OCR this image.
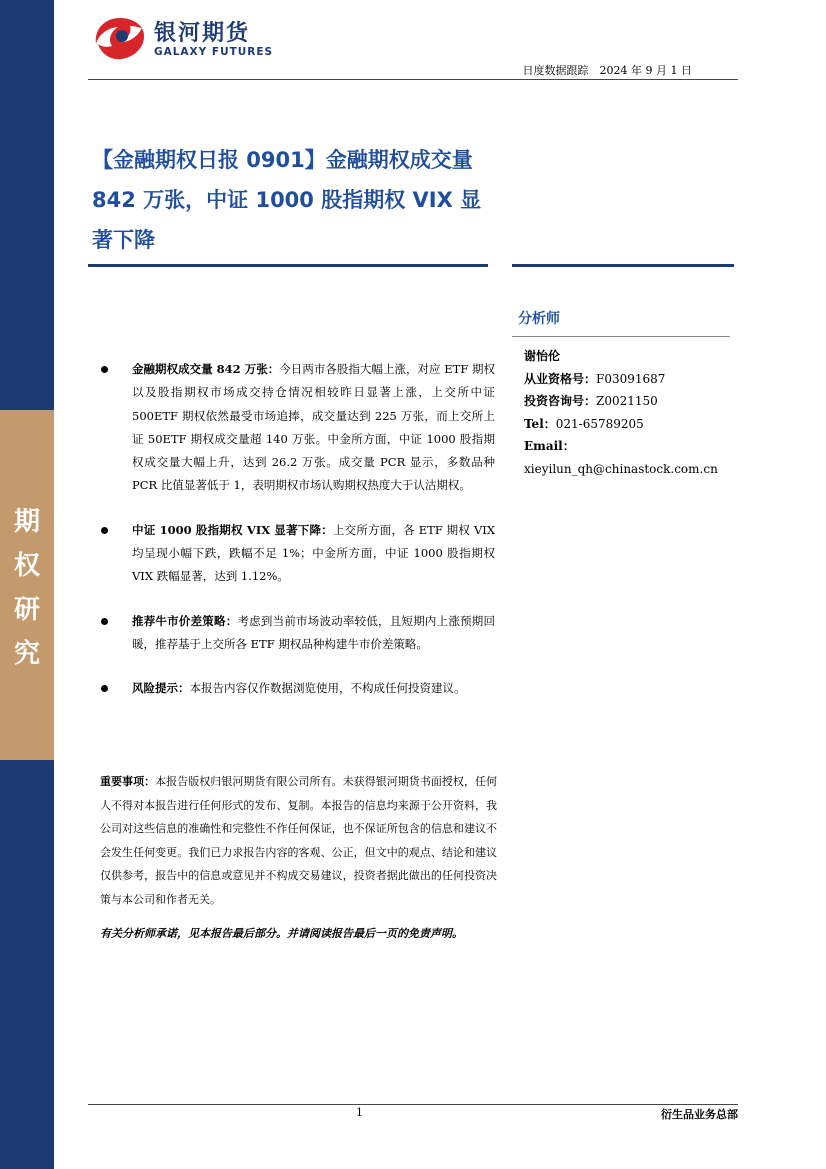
期
权
研
究
银河期货
GALAXY FUTURES
日度数据跟踪　2024 年 9 月 1 日
【金融期权日报 0901】金融期权成交量 842 万张，中证 1000 股指期权 VIX 显著下降
分析师
谢怡伦
从业资格号：F03091687
投资咨询号：Z0021150
Tel：021-65789205
Email：
xieyilun_qh@chinastock.com.cn
金融期权成交量 842 万张：今日两市各股指大幅上涨，对应 ETF 期权以及股指期权市场成交持仓情况相较昨日显著上涨，上交所中证 500ETF 期权依然最受市场追捧，成交量达到 225 万张，而上交所上证 50ETF 期权成交量超 140 万张。中金所方面，中证 1000 股指期权成交量大幅上升，达到 26.2 万张。成交量 PCR 显示，多数品种 PCR 比值显著低于 1，表明期权市场认购期权热度大于认沽期权。
中证 1000 股指期权 VIX 显著下降：上交所方面，各 ETF 期权 VIX 均呈现小幅下跌，跌幅不足 1%；中金所方面，中证 1000 股指期权 VIX 跌幅显著，达到 1.12%。
推荐牛市价差策略：考虑到当前市场波动率较低，且短期内上涨预期回暖，推荐基于上交所各 ETF 期权品种构建牛市价差策略。
风险提示：本报告内容仅作数据浏览使用，不构成任何投资建议。
重要事项：本报告版权归银河期货有限公司所有。未获得银河期货书面授权，任何人不得对本报告进行任何形式的发布、复制。本报告的信息均来源于公开资料，我公司对这些信息的准确性和完整性不作任何保证，也不保证所包含的信息和建议不会发生任何变更。我们已力求报告内容的客观、公正，但文中的观点、结论和建议仅供参考，报告中的信息或意见并不构成交易建议，投资者据此做出的任何投资决策与本公司和作者无关。
有关分析师承诺，见本报告最后部分。并请阅读报告最后一页的免责声明。
1	衍生品业务总部
